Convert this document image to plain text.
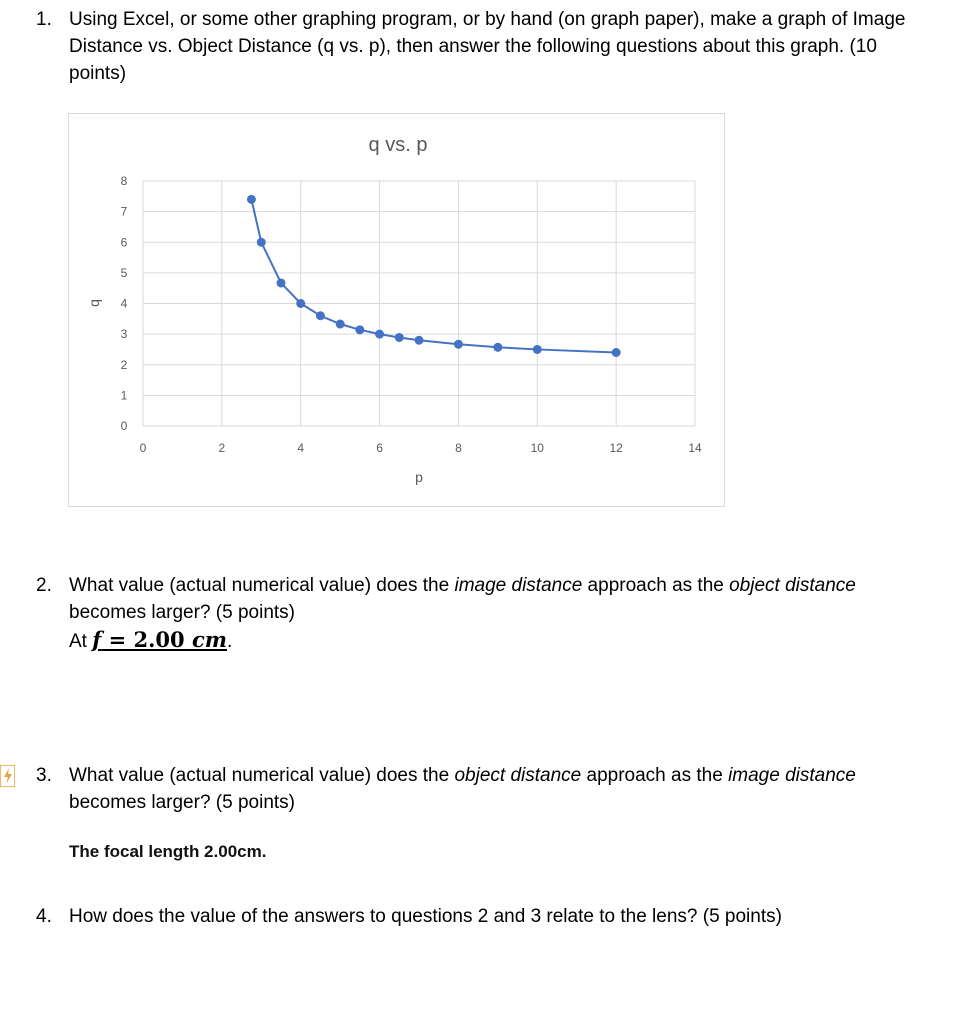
1. Using Excel, or some other graphing program, or by hand (on graph paper), make a graph of Image Distance vs. Object Distance (q vs. p), then answer the following questions about this graph. (10 points)
q vs. p
0
1
2
3
4
5
6
7
8
0	2	4	6	8	10	12	14
p
q
2. What value (actual numerical value) does the image distance approach as the object distance becomes larger? (5 points)
At f = 2.00 cm.
3. What value (actual numerical value) does the object distance approach as the image distance becomes larger? (5 points)
The focal length 2.00cm.
4. How does the value of the answers to questions 2 and 3 relate to the lens? (5 points)
